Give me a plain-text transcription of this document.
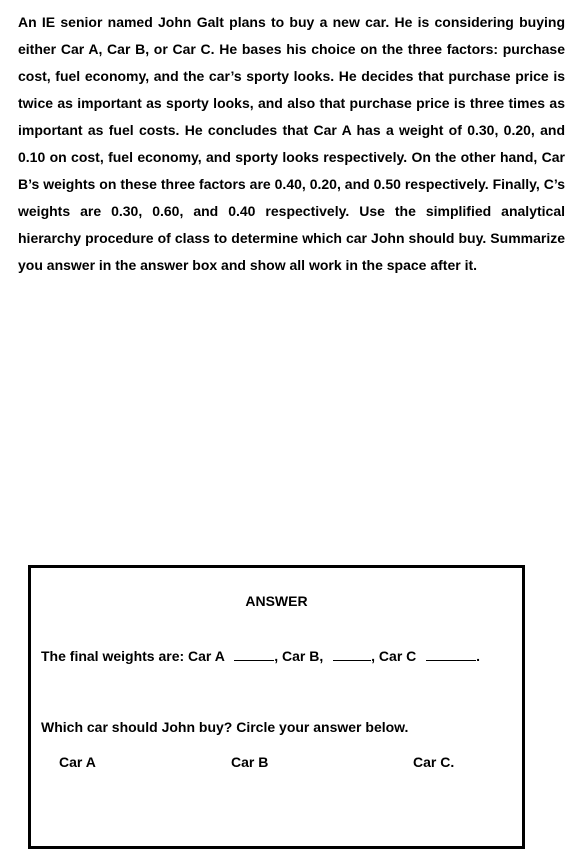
An IE senior named John Galt plans to buy a new car. He is considering buying either Car A, Car B, or Car C. He bases his choice on the three factors: purchase cost, fuel economy, and the car’s sporty looks. He decides that purchase price is twice as important as sporty looks, and also that purchase price is three times as important as fuel costs. He concludes that Car A has a weight of 0.30, 0.20, and 0.10 on cost, fuel economy, and sporty looks respectively. On the other hand, Car B’s weights on these three factors are 0.40, 0.20, and 0.50 respectively. Finally, C’s weights are 0.30, 0.60, and 0.40 respectively. Use the simplified analytical hierarchy procedure of class to determine which car John should buy. Summarize you answer in the answer box and show all work in the space after it.

ANSWER

The final weights are: Car A	, Car B,	, Car C	.
Which car should John buy? Circle your answer below.
Car A	Car B	Car C.
